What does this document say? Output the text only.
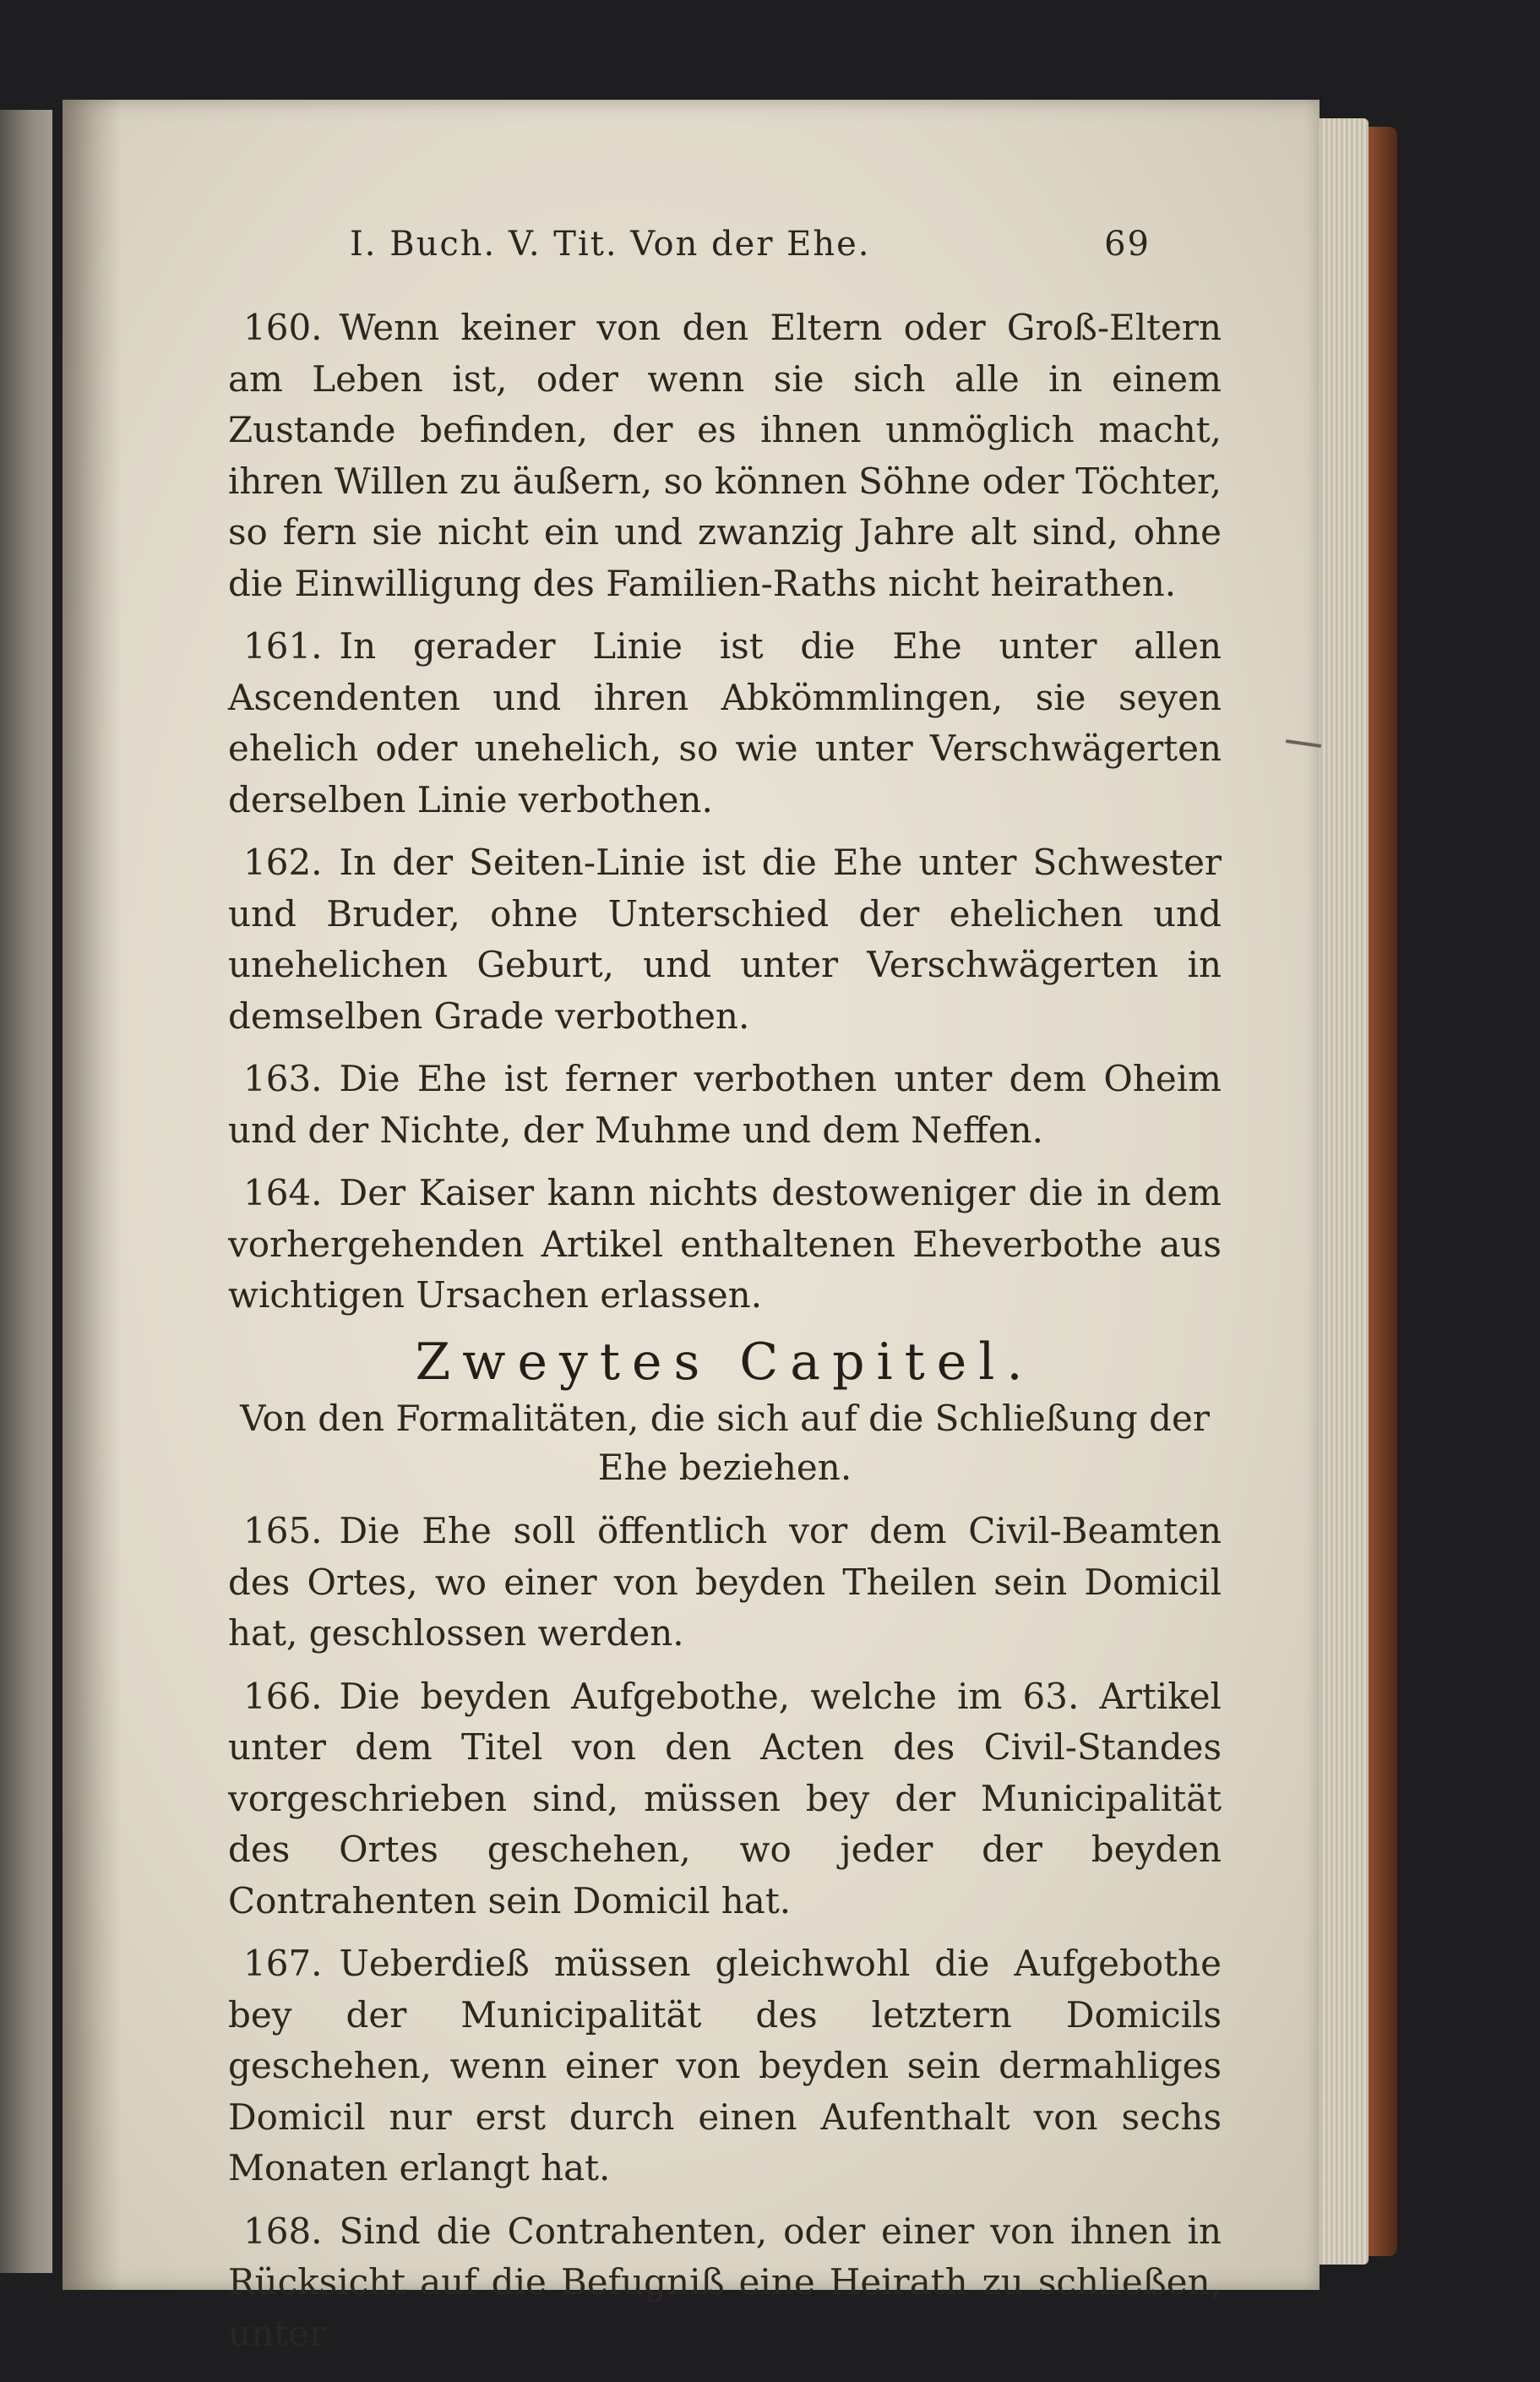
I. Buch. V. Tit. Von der Ehe.	69

160. Wenn keiner von den Eltern oder Groß-Eltern am Leben ist, oder wenn sie sich alle in einem Zustande befinden, der es ihnen unmöglich macht, ihren Willen zu äußern, so können Söhne oder Töchter, so fern sie nicht ein und zwanzig Jahre alt sind, ohne die Einwilligung des Familien-Raths nicht heirathen.

161. In gerader Linie ist die Ehe unter allen Ascendenten und ihren Abkömmlingen, sie seyen ehelich oder unehelich, so wie unter Verschwägerten derselben Linie verbothen.

162. In der Seiten-Linie ist die Ehe unter Schwester und Bruder, ohne Unterschied der ehelichen und unehelichen Geburt, und unter Verschwägerten in demselben Grade verbothen.

163. Die Ehe ist ferner verbothen unter dem Oheim und der Nichte, der Muhme und dem Neffen.

164. Der Kaiser kann nichts destoweniger die in dem vorhergehenden Artikel enthaltenen Eheverbothe aus wichtigen Ursachen erlassen.

Zweytes Capitel.
Von den Formalitäten, die sich auf die Schließung der Ehe beziehen.

165. Die Ehe soll öffentlich vor dem Civil-Beamten des Ortes, wo einer von beyden Theilen sein Domicil hat, geschlossen werden.

166. Die beyden Aufgebothe, welche im 63. Artikel unter dem Titel von den Acten des Civil-Standes vorgeschrieben sind, müssen bey der Municipalität des Ortes geschehen, wo jeder der beyden Contrahenten sein Domicil hat.

167. Ueberdieß müssen gleichwohl die Aufgebothe bey der Municipalität des letztern Domicils geschehen, wenn einer von beyden sein dermahliges Domicil nur erst durch einen Aufenthalt von sechs Monaten erlangt hat.

168. Sind die Contrahenten, oder einer von ihnen in Rücksicht auf die Befugniß eine Heirath zu schließen, unter
